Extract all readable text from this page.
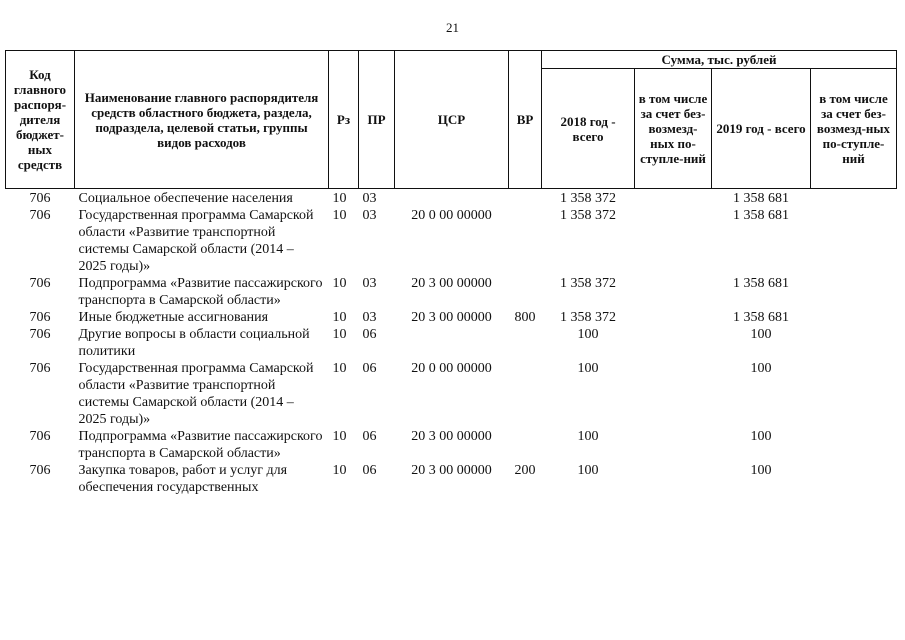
21
Код главного распоря-дителя бюджет-ных средств	Наименование главного распорядителя средств областного бюджета, раздела, подраздела, целевой статьи, группы видов расходов	Рз	ПР	ЦСР	ВР	Сумма, тыс. рублей			
						2018 год - всего	в том числе за счет без-возмезд-ных по-ступле-ний	2019 год - всего	в том числе за счет без-возмезд-ных по-ступле-ний
706	Социальное обеспечение населения	10	03			1 358 372		1 358 681	
706	Государственная программа Самарской области «Развитие транспортной системы Самарской области (2014 – 2025 годы)»	10	03	20 0 00 00000		1 358 372		1 358 681	
706	Подпрограмма «Развитие пассажирского транспорта в Самарской области»	10	03	20 3 00 00000		1 358 372		1 358 681	
706	Иные бюджетные ассигнования	10	03	20 3 00 00000	800	1 358 372		1 358 681	
706	Другие вопросы в области социальной политики	10	06			100		100	
706	Государственная программа Самарской области «Развитие транспортной системы Самарской области (2014 – 2025 годы)»	10	06	20 0 00 00000		100		100	
706	Подпрограмма «Развитие пассажирского транспорта в Самарской области»	10	06	20 3 00 00000		100		100	
706	Закупка товаров, работ и услуг для обеспечения государственных	10	06	20 3 00 00000	200	100		100	
